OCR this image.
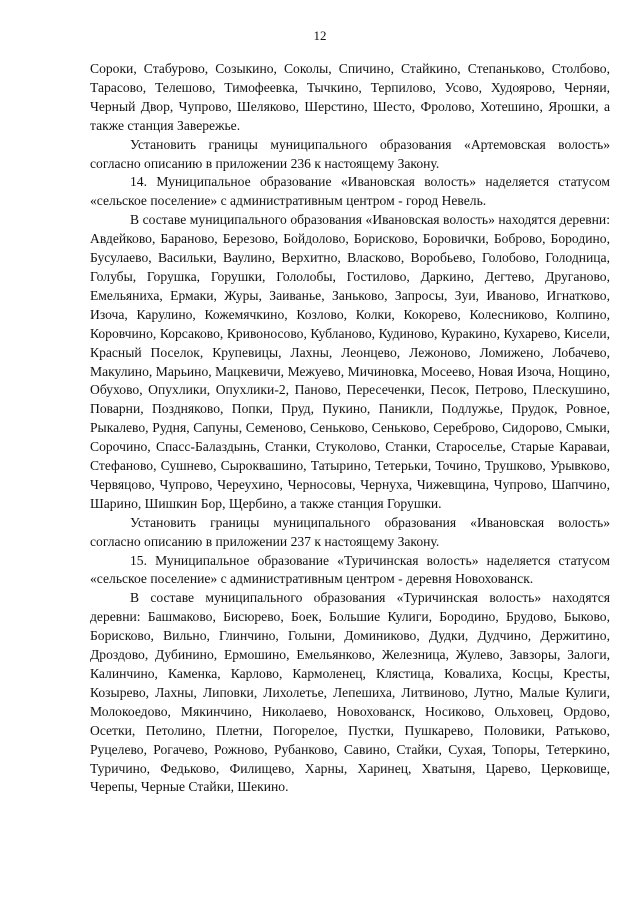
12

Сороки, Стабурово, Созыкино, Соколы, Спичино, Стайкино, Степаньково, Столбово, Тарасово, Телешово, Тимофеевка, Тычкино, Терпилово, Усово, Худоярово, Черняи, Черный Двор, Чупрово, Шеляково, Шерстино, Шесто, Фролово, Хотешино, Ярошки, а также станция Заверeжье.

Установить границы муниципального образования «Артемовская волость» согласно описанию в приложении 236 к настоящему Закону.

14. Муниципальное образование «Ивановская волость» наделяется статусом «сельское поселение» с административным центром - город Невель.

В составе муниципального образования «Ивановская волость» находятся деревни: Авдейково, Бараново, Березово, Бойдолово, Борисково, Боровички, Боброво, Бородино, Бусулаево, Васильки, Ваулино, Верхитно, Власково, Воробьево, Голобово, Голодница, Голубы, Горушка, Горушки, Гололобы, Гостилово, Даркино, Дегтево, Друганово, Емельяниха, Ермаки, Журы, Заиванье, Заньково, Запросы, Зуи, Иваново, Игнатково, Изоча, Карулино, Кожемячкино, Козлово, Колки, Кокорево, Колесниково, Колпино, Коровчино, Корсаково, Кривоносово, Кубланово, Кудиново, Куракино, Кухарево, Кисели, Красный Поселок, Крупевицы, Лахны, Леонцево, Лежоново, Ломижено, Лобачево, Макулино, Марьино, Мацкевичи, Межуево, Мичиновка, Мосеево, Новая Изоча, Нощино, Обухово, Опухлики, Опухлики-2, Паново, Пересеченки, Песок, Петрово, Плескушино, Поварни, Поздняково, Попки, Пруд, Пукино, Паникли, Подлужье, Прудок, Ровное, Рыкалево, Рудня, Сапуны, Семеново, Сеньково, Сеньково, Сереброво, Сидорово, Смыки, Сорочино, Спасс-Балаздынь, Станки, Стуколово, Станки, Староселье, Старые Караваи, Стефаново, Сушнево, Сыроквашино, Татырино, Тетерьки, Точино, Трушково, Урывково, Червяцово, Чупрово, Череухино, Черносовы, Чернуха, Чижевщина, Чупрово, Шапчино, Шарино, Шишкин Бор, Щербино, а также станция Горушки.

Установить границы муниципального образования «Ивановская волость» согласно описанию в приложении 237 к настоящему Закону.

15. Муниципальное образование «Туричинская волость» наделяется статусом «сельское поселение» с административным центром - деревня Новохованск.

В составе муниципального образования «Туричинская волость» находятся деревни: Башмаково, Бисюрево, Боек, Большие Кулиги, Бородино, Брудово, Быково, Борисково, Вильно, Глинчино, Голыни, Доминиково, Дудки, Дудчино, Держитино, Дроздово, Дубинино, Ермошино, Емельянково, Железница, Жулево, Завзоры, Залоги, Калинчино, Каменка, Карлово, Кармоленец, Клястица, Ковалиха, Косцы, Кресты, Козырево, Лахны, Липовки, Лихолетье, Лепешиха, Литвиново, Лутно, Малые Кулиги, Молокоедово, Мякинчино, Николаево, Новохованск, Носиково, Ольховец, Ордово, Осетки, Петолино, Плетни, Погорелое, Пустки, Пушкарево, Половики, Ратьково, Руцелево, Рогачево, Рожново, Рубанково, Савино, Стайки, Сухая, Топоры, Тетеркино, Туричино, Федьково, Филищево, Харны, Харинец, Хватыня, Царево, Церковище, Черепы, Черные Стайки, Шекино.
